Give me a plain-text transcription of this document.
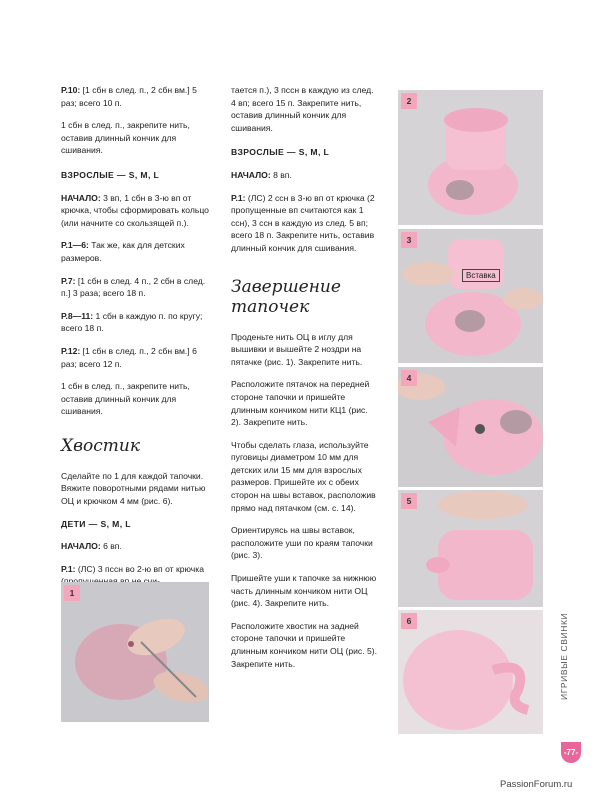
Р.10: [1 сбн в след. п., 2 сбн вм.] 5 раз; всего 10 п.

1 сбн в след. п., закрепите нить, оставив длинный кончик для сшивания.

ВЗРОСЛЫЕ — S, M, L

НАЧАЛО: 3 вп, 1 сбн в 3-ю вп от крючка, чтобы сформировать кольцо (или начните со скользящей п.).

Р.1—6: Так же, как для детских размеров.

Р.7: [1 сбн в след. 4 п., 2 сбн в след. п.] 3 раза; всего 18 п.

Р.8—11: 1 сбн в каждую п. по кругу; всего 18 п.

Р.12: [1 сбн в след. п., 2 сбн вм.] 6 раз; всего 12 п.

1 сбн в след. п., закрепите нить, оставив длинный кончик для сшивания.

Хвостик

Сделайте по 1 для каждой тапочки. Вяжите поворотными рядами нитью ОЦ и крючком 4 мм (рис. 6).

ДЕТИ — S, M, L

НАЧАЛО: 6 вп.

Р.1: (ЛС) 3 пссн во 2-ю вп от крючка

тается п.), 3 пссн в каждую из след. 4 вп; всего 15 п. Закрепите нить, оставив длинный кончик для сшивания.

ВЗРОСЛЫЕ — S, M, L

НАЧАЛО: 8 вп.

Р.1: (ЛС) 2 ссн в 3-ю вп от крючка (2 пропущенные вп считаются как 1 ссн), 3 ссн в каждую из след. 5 вп; всего 18 п. Закрепите нить, оставив длинный кончик для сшивания.

Завершение
тапочек

Проденьте нить ОЦ в иглу для вышивки и вышейте 2 ноздри на пятачке (рис. 1). Закрепите нить.

Расположите пятачок на передней стороне тапочки и пришейте длинным кончиком нити КЦ1 (рис. 2). Закрепите нить.

Чтобы сделать глаза, используйте пуговицы диаметром 10 мм для детских или 15 мм для взрослых размеров. Пришейте их с обеих сторон на швы вставок, расположив прямо над пятачком (см. с. 14).

Ориентируясь на швы вставок, расположите уши по краям тапочки (рис. 3).

Пришейте уши к тапочке за нижнюю часть длинным кончиком нити ОЦ (рис. 4). Закрепите нить.

Расположите хвостик на задней стороне тапочки и пришейте длинным кончиком нити ОЦ (рис. 5). Закрепите нить.

1
2
3
Вставка
4
5
6	ИГРИВЫЕ СВИНКИ
-77-
PassionForum.ru
